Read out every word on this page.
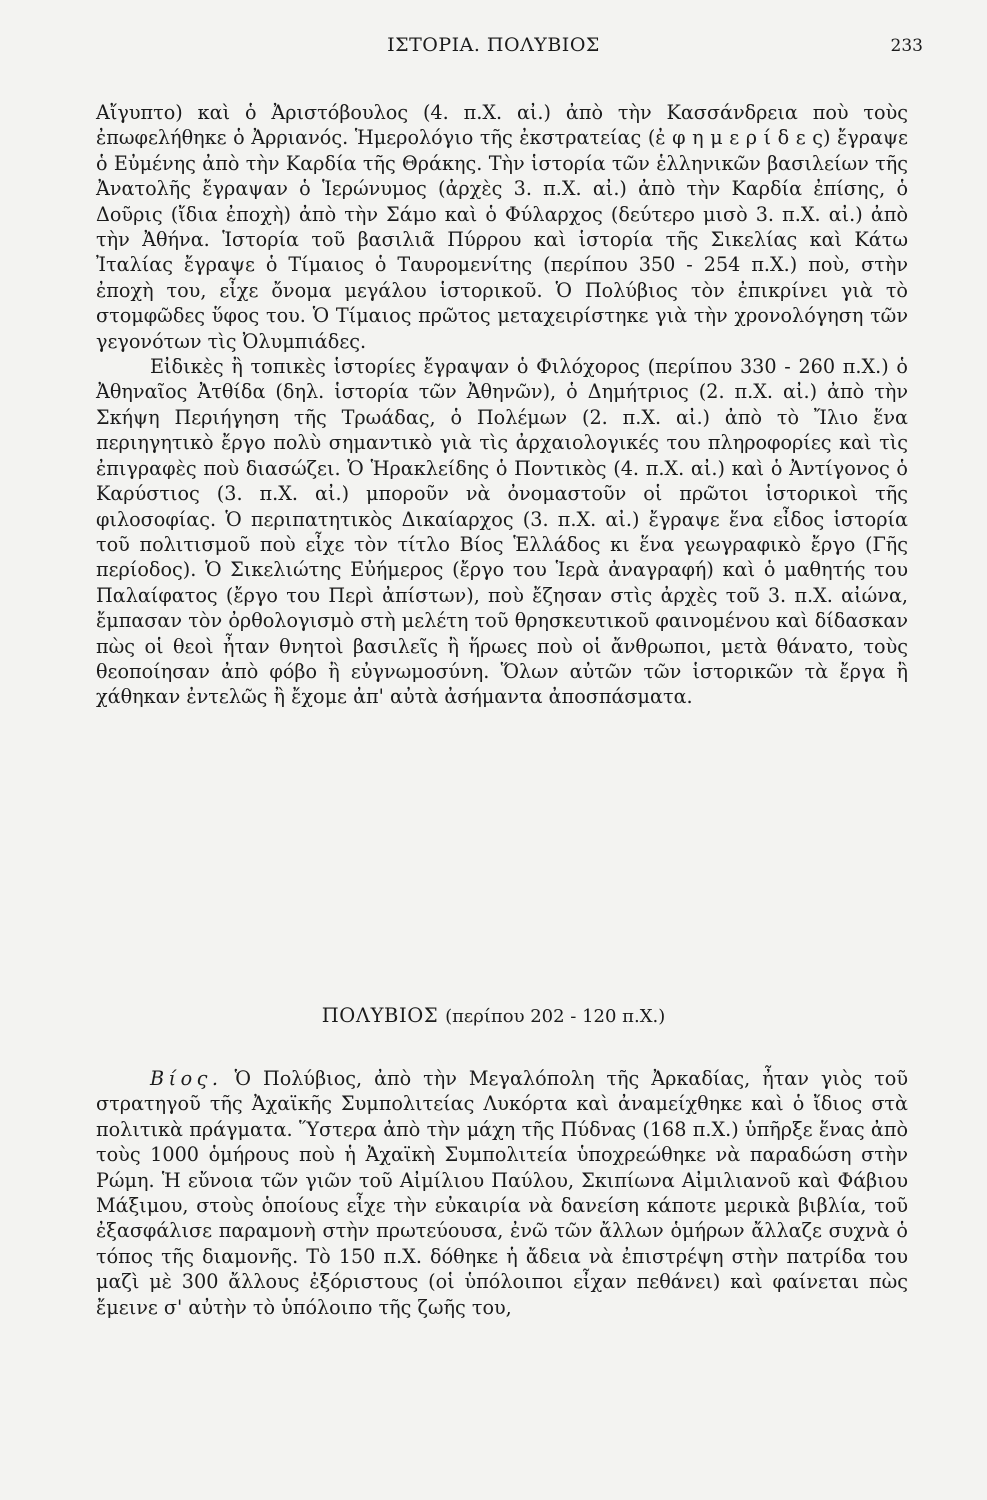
ΙΣΤΟΡΙΑ. ΠΟΛΥΒΙΟΣ	233

Αἴγυπτο) καὶ ὁ Ἀριστόβουλος (4. π.Χ. αἰ.) ἀπὸ τὴν Κασσάνδρεια ποὺ τοὺς ἐπωφελήθηκε ὁ Ἀρριανός. Ἡμερολόγιο τῆς ἐκστρατείας (ἐ φ η μ ε ρ ί δ ε ς) ἔγραψε ὁ Εὐμένης ἀπὸ τὴν Καρδία τῆς Θράκης. Τὴν ἱστορία τῶν ἑλληνικῶν βασιλείων τῆς Ἀνατολῆς ἔγραψαν ὁ Ἱερώνυμος (ἀρχὲς 3. π.Χ. αἰ.) ἀπὸ τὴν Καρδία ἐπίσης, ὁ Δοῦρις (ἴδια ἐποχὴ) ἀπὸ τὴν Σάμο καὶ ὁ Φύλαρχος (δεύτερο μισὸ 3. π.Χ. αἰ.) ἀπὸ τὴν Ἀθήνα. Ἱστορία τοῦ βασιλιᾶ Πύρρου καὶ ἱστορία τῆς Σικελίας καὶ Κάτω Ἰταλίας ἔγραψε ὁ Τίμαιος ὁ Ταυρομενίτης (περίπου 350 - 254 π.Χ.) ποὺ, στὴν ἐποχὴ του, εἶχε ὄνομα μεγάλου ἱστορικοῦ. Ὁ Πολύβιος τὸν ἐπικρίνει γιὰ τὸ στομφῶδες ὕφος του. Ὁ Τίμαιος πρῶτος μεταχειρίστηκε γιὰ τὴν χρονολόγηση τῶν γεγονότων τὶς Ὀλυμπιάδες.

Εἰδικὲς ἢ τοπικὲς ἱστορίες ἔγραψαν ὁ Φιλόχορος (περίπου 330 - 260 π.Χ.) ὁ Ἀθηναῖος Ἀτθίδα (δηλ. ἱστορία τῶν Ἀθηνῶν), ὁ Δημήτριος (2. π.Χ. αἰ.) ἀπὸ τὴν Σκήψη Περιήγηση τῆς Τρωάδας, ὁ Πολέμων (2. π.Χ. αἰ.) ἀπὸ τὸ Ἴλιο ἕνα περιηγητικὸ ἔργο πολὺ σημαντικὸ γιὰ τὶς ἀρχαιολογικές του πληροφορίες καὶ τὶς ἐπιγραφὲς ποὺ διασώζει. Ὁ Ἡρακλείδης ὁ Ποντικὸς (4. π.Χ. αἰ.) καὶ ὁ Ἀντίγονος ὁ Καρύστιος (3. π.Χ. αἰ.) μποροῦν νὰ ὀνομαστοῦν οἱ πρῶτοι ἱστορικοὶ τῆς φιλοσοφίας. Ὁ περιπατητικὸς Δικαίαρχος (3. π.Χ. αἰ.) ἔγραψε ἕνα εἶδος ἱστορία τοῦ πολιτισμοῦ ποὺ εἶχε τὸν τίτλο Βίος Ἑλλάδος κι ἕνα γεωγραφικὸ ἔργο (Γῆς περίοδος). Ὁ Σικελιώτης Εὐήμερος (ἔργο του Ἱερὰ ἀναγραφή) καὶ ὁ μαθητής του Παλαίφατος (ἔργο του Περὶ ἀπίστων), ποὺ ἔζησαν στὶς ἀρχὲς τοῦ 3. π.Χ. αἰώνα, ἔμπασαν τὸν ὀρθολογισμὸ στὴ μελέτη τοῦ θρησκευτικοῦ φαινομένου καὶ δίδασκαν πὼς οἱ θεοὶ ἦταν θνητοὶ βασιλεῖς ἢ ἥρωες ποὺ οἱ ἄνθρωποι, μετὰ θάνατο, τοὺς θεοποίησαν ἀπὸ φόβο ἢ εὐγνωμοσύνη. Ὅλων αὐτῶν τῶν ἱστορικῶν τὰ ἔργα ἢ χάθηκαν ἐντελῶς ἢ ἔχομε ἀπ' αὐτὰ ἀσήμαντα ἀποσπάσματα.

ΠΟΛΥΒΙΟΣ (περίπου 202 - 120 π.Χ.)

Βίος. Ὁ Πολύβιος, ἀπὸ τὴν Μεγαλόπολη τῆς Ἀρκαδίας, ἦταν γιὸς τοῦ στρατηγοῦ τῆς Ἀχαϊκῆς Συμπολιτείας Λυκόρτα καὶ ἀναμείχθηκε καὶ ὁ ἴδιος στὰ πολιτικὰ πράγματα. Ὕστερα ἀπὸ τὴν μάχη τῆς Πύδνας (168 π.Χ.) ὑπῆρξε ἕνας ἀπὸ τοὺς 1000 ὁμήρους ποὺ ἡ Ἀχαϊκὴ Συμπολιτεία ὑποχρεώθηκε νὰ παραδώση στὴν Ρώμη. Ἡ εὔνοια τῶν γιῶν τοῦ Αἰμίλιου Παύλου, Σκιπίωνα Αἰμιλιανοῦ καὶ Φάβιου Μάξιμου, στοὺς ὁποίους εἶχε τὴν εὐκαιρία νὰ δανείση κάποτε μερικὰ βιβλία, τοῦ ἐξασφάλισε παραμονὴ στὴν πρωτεύουσα, ἐνῶ τῶν ἄλλων ὁμήρων ἄλλαζε συχνὰ ὁ τόπος τῆς διαμονῆς. Τὸ 150 π.Χ. δόθηκε ἡ ἄδεια νὰ ἐπιστρέψη στὴν πατρίδα του μαζὶ μὲ 300 ἄλλους ἐξόριστους (οἱ ὑπόλοιποι εἶχαν πεθάνει) καὶ φαίνεται πὼς ἔμεινε σ' αὐτὴν τὸ ὑπόλοιπο τῆς ζωῆς του,
